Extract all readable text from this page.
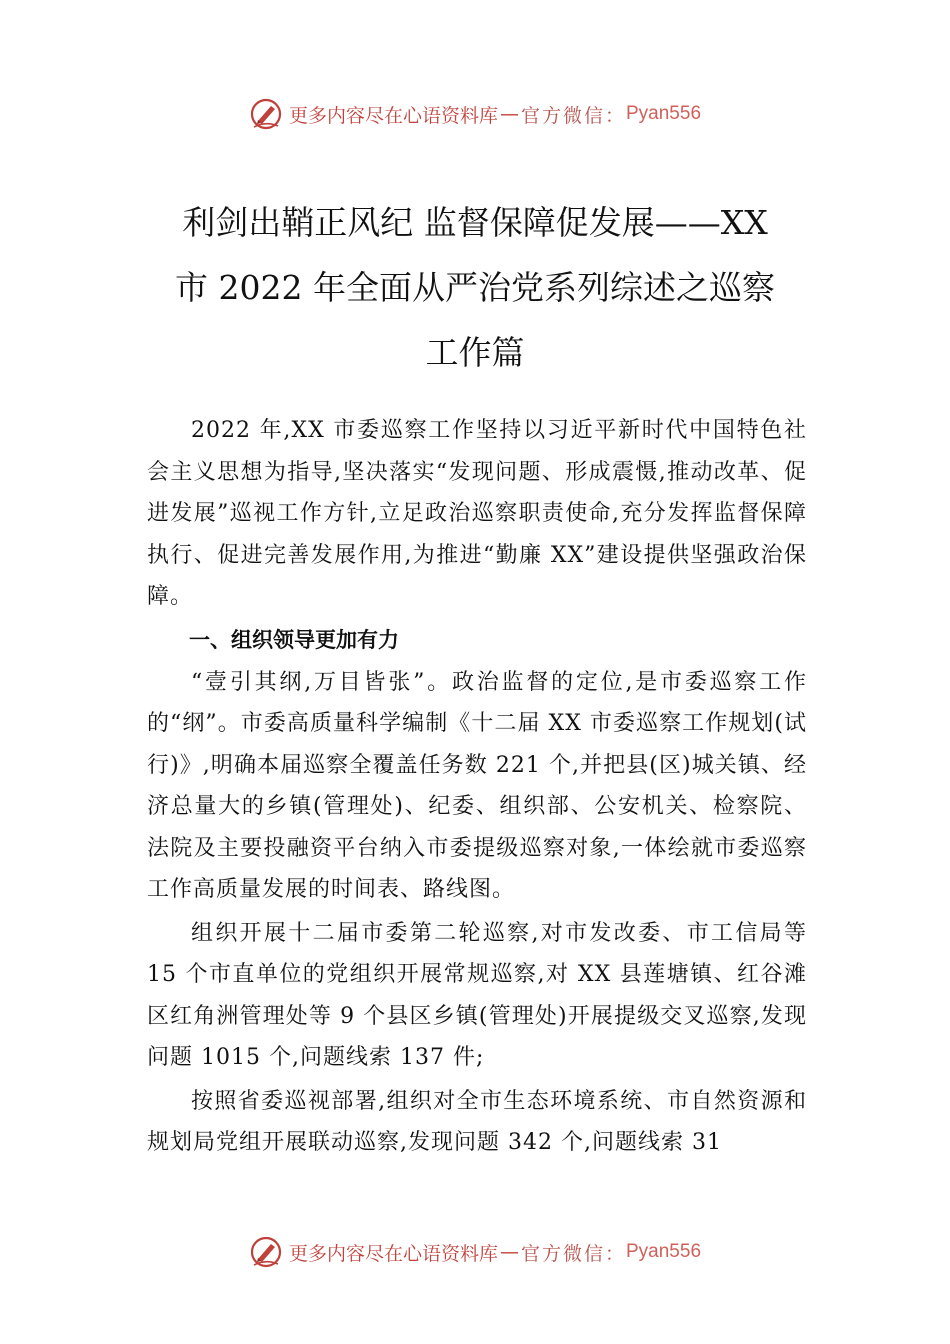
更多内容尽在心语资料库 — 官方微信： Pyan556
利剑出鞘正风纪 监督保障促发展——XX
市 2022 年全面从严治党系列综述之巡察
工作篇

2022 年,XX 市委巡察工作坚持以习近平新时代中国特色社会主义思想为指导,坚决落实“发现问题、形成震慑,推动改革、促进发展”巡视工作方针,立足政治巡察职责使命,充分发挥监督保障执行、促进完善发展作用,为推进“勤廉 XX”建设提供坚强政治保障。

一、组织领导更加有力

“壹引其纲,万目皆张”。政治监督的定位,是市委巡察工作的“纲”。市委高质量科学编制《十二届 XX 市委巡察工作规划(试行)》,明确本届巡察全覆盖任务数 221 个,并把县(区)城关镇、经济总量大的乡镇(管理处)、纪委、组织部、公安机关、检察院、法院及主要投融资平台纳入市委提级巡察对象,一体绘就市委巡察工作高质量发展的时间表、路线图。

组织开展十二届市委第二轮巡察,对市发改委、市工信局等 15 个市直单位的党组织开展常规巡察,对 XX 县莲塘镇、红谷滩区红角洲管理处等 9 个县区乡镇(管理处)开展提级交叉巡察,发现问题 1015 个,问题线索 137 件;

按照省委巡视部署,组织对全市生态环境系统、市自然资源和规划局党组开展联动巡察,发现问题 342 个,问题线索 31

更多内容尽在心语资料库 — 官方微信： Pyan556
